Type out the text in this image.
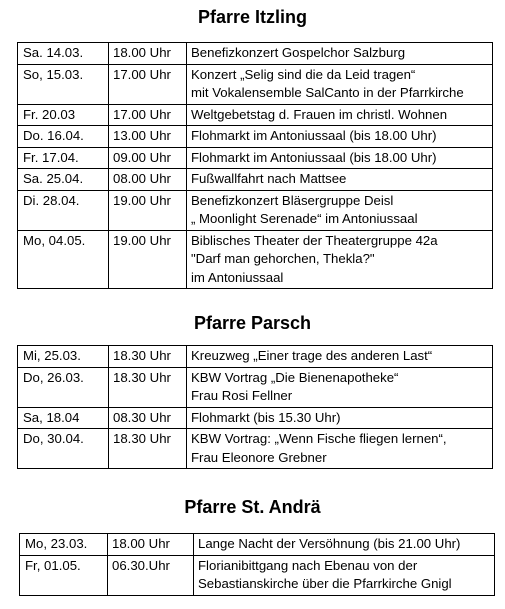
Pfarre Itzling
Sa. 14.03.	18.00 Uhr	Benefizkonzert Gospelchor Salzburg
So, 15.03.	17.00 Uhr	Konzert „Selig sind die da Leid tragen“
mit Vokalensemble SalCanto in der Pfarrkirche
Fr. 20.03	17.00 Uhr	Weltgebetstag d. Frauen im christl. Wohnen
Do. 16.04.	13.00 Uhr	Flohmarkt im Antoniussaal (bis 18.00 Uhr)
Fr. 17.04.	09.00 Uhr	Flohmarkt im Antoniussaal (bis 18.00 Uhr)
Sa. 25.04.	08.00 Uhr	Fußwallfahrt nach Mattsee
Di. 28.04.	19.00 Uhr	Benefizkonzert Bläsergruppe Deisl
„ Moonlight Serenade“ im Antoniussaal
Mo, 04.05.	19.00 Uhr	Biblisches Theater der Theatergruppe 42a
"Darf man gehorchen, Thekla?"
im Antoniussaal
Pfarre Parsch
Mi, 25.03.	18.30 Uhr	Kreuzweg „Einer trage des anderen Last“
Do, 26.03.	18.30 Uhr	KBW Vortrag „Die Bienenapotheke“
Frau Rosi Fellner
Sa, 18.04	08.30 Uhr	Flohmarkt (bis 15.30 Uhr)
Do, 30.04.	18.30 Uhr	KBW Vortrag: „Wenn Fische fliegen lernen“,
Frau Eleonore Grebner
Pfarre St. Andrä
Mo, 23.03.	18.00 Uhr	Lange Nacht der Versöhnung (bis 21.00 Uhr)
Fr, 01.05.	06.30.Uhr	Florianibittgang nach Ebenau von der
Sebastianskirche über die Pfarrkirche Gnigl
